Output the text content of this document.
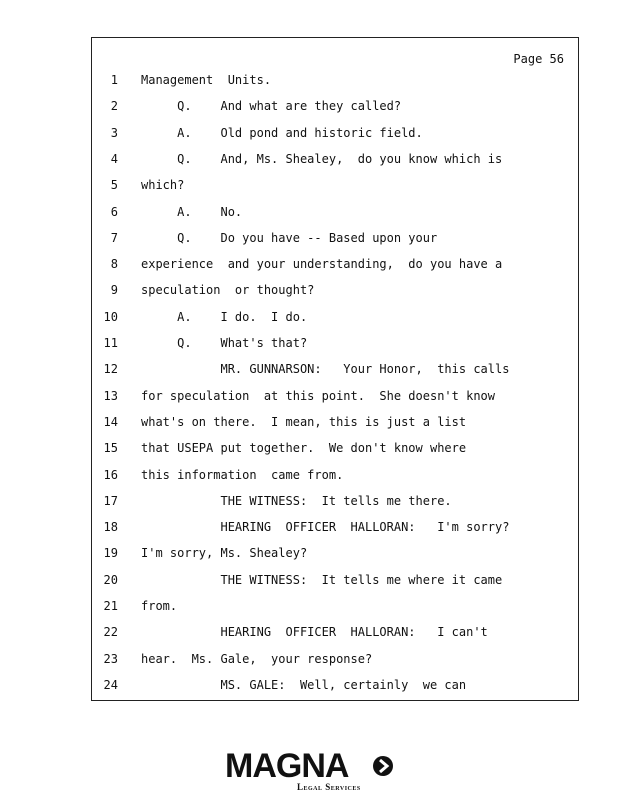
Page 56
1 Management  Units.
2 Q.    And what are they called?
3 A.    Old pond and historic field.
4 Q.    And, Ms. Shealey,  do you know which is
5 which?
6 A.    No.
7 Q.    Do you have -- Based upon your
8 experience  and your understanding,  do you have a
9 speculation  or thought?
10 A.    I do.  I do.
11 Q.    What's that?
12 MR. GUNNARSON:   Your Honor,  this calls
13 for speculation  at this point.  She doesn't know
14 what's on there.  I mean, this is just a list
15 that USEPA put together.  We don't know where
16 this information  came from.
17 THE WITNESS:  It tells me there.
18 HEARING  OFFICER  HALLORAN:   I'm sorry?
19 I'm sorry, Ms. Shealey?
20 THE WITNESS:  It tells me where it came
21 from.
22 HEARING  OFFICER  HALLORAN:   I can't
23 hear.  Ms. Gale,  your response?
24 MS. GALE:  Well, certainly  we can
MAGNA
Legal Services
